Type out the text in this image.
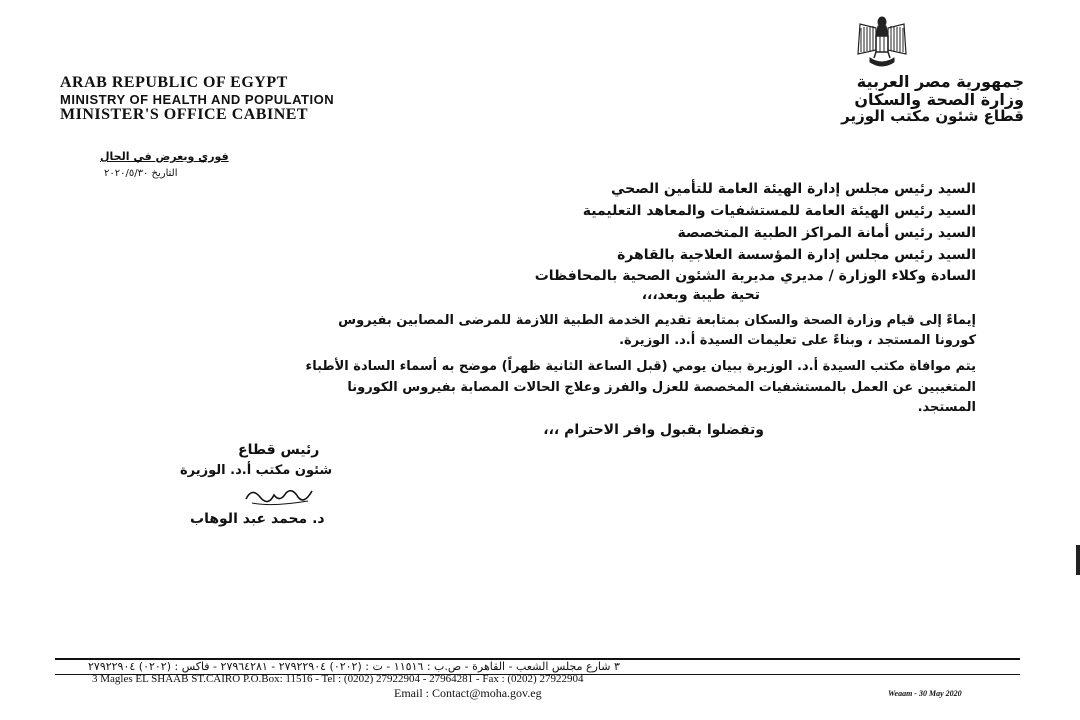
ARAB REPUBLIC OF EGYPT
MINISTRY OF HEALTH AND POPULATION
MINISTER'S OFFICE CABINET
جمهورية مصر العربية
وزارة الصحة والسكان
قطاع شئون مكتب الوزير
فوري ويعرض في الحال
التاريخ ٢٠٢٠/٥/٣٠
السيد رئيس مجلس إدارة الهيئة العامة للتأمين الصحي
السيد رئيس الهيئة العامة للمستشفيات والمعاهد التعليمية
السيد رئيس أمانة المراكز الطبية المتخصصة
السيد رئيس مجلس إدارة المؤسسة العلاجية بالقاهرة
السادة وكلاء الوزارة / مديري مديرية الشئون الصحية بالمحافظات
تحية طيبة وبعد،،،
إيماءً إلى قيام وزارة الصحة والسكان بمتابعة تقديم الخدمة الطبية اللازمة للمرضى المصابين بفيروس
كورونا المستجد ، وبناءً على تعليمات السيدة أ.د. الوزيرة.
يتم موافاة مكتب السيدة أ.د. الوزيرة ببيان يومي (قبل الساعة الثانية ظهراً) موضح به أسماء السادة الأطباء
المتغيبين عن العمل بالمستشفيات المخصصة للعزل والفرز وعلاج الحالات المصابة بفيروس الكورونا
المستجد.
وتفضلوا بقبول وافر الاحترام ،،،
رئيس قطاع
شئون مكتب أ.د. الوزيرة
د. محمد عبد الوهاب
٣ شارع مجلس الشعب - القاهرة - ص.ب : ١١٥١٦ - ت : (٠٢٠٢) ٢٧٩٢٢٩٠٤ - ٢٧٩٦٤٢٨١ - فاكس : (٠٢٠٢) ٢٧٩٢٢٩٠٤
3 Magles EL SHAAB ST.CAIRO P.O.Box: 11516 - Tel : (0202) 27922904 - 27964281 - Fax : (0202) 27922904
Email : Contact@moha.gov.eg	Weaam - 30 May 2020
